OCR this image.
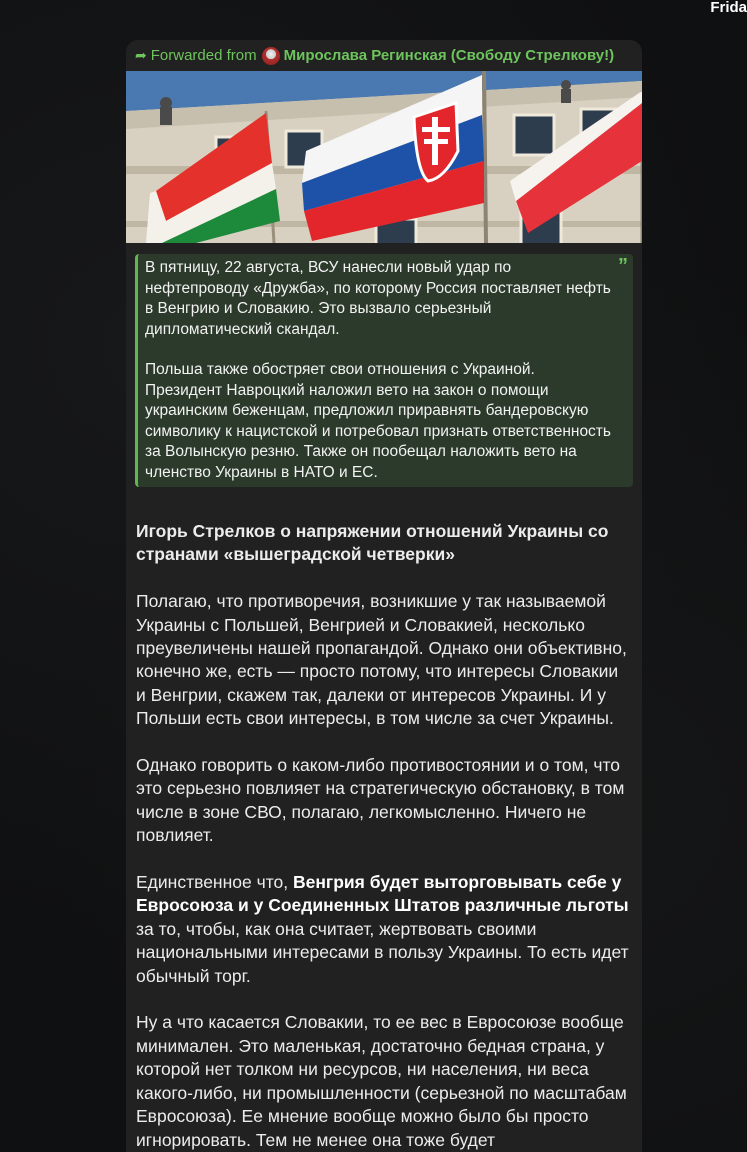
Frida
➦ Forwarded from Мирослава Регинская (Свободу Стрелкову!)
”

В пятницу, 22 августа, ВСУ нанесли новый удар по нефтепроводу «Дружба», по которому Россия поставляет нефть в Венгрию и Словакию. Это вызвало серьезный дипломатический скандал.

Польша также обостряет свои отношения с Украиной. Президент Навроцкий наложил вето на закон о помощи украинским беженцам, предложил приравнять бандеровскую символику к нацистской и потребовал признать ответственность за Волынскую резню. Также он пообещал наложить вето на членство Украины в НАТО и ЕС.

Игорь Стрелков о напряжении отношений Украины со странами «вышеградской четверки»

Полагаю, что противоречия, возникшие у так называемой Украины с Польшей, Венгрией и Словакией, несколько преувеличены нашей пропагандой. Однако они объективно, конечно же, есть — просто потому, что интересы Словакии и Венгрии, скажем так, далеки от интересов Украины. И у Польши есть свои интересы, в том числе за счет Украины.

Однако говорить о каком-либо противостоянии и о том, что это серьезно повлияет на стратегическую обстановку, в том числе в зоне СВО, полагаю, легкомысленно. Ничего не повлияет.

Единственное что, Венгрия будет выторговывать себе у Евросоюза и у Соединенных Штатов различные льготы за то, чтобы, как она считает, жертвовать своими национальными интересами в пользу Украины. То есть идет обычный торг.

Ну а что касается Словакии, то ее вес в Евросоюзе вообще минимален. Это маленькая, достаточно бедная страна, у которой нет толком ни ресурсов, ни населения, ни веса какого-либо, ни промышленности (серьезной по масштабам Евросоюза). Ее мнение вообще можно было бы просто игнорировать. Тем не менее она тоже будет
